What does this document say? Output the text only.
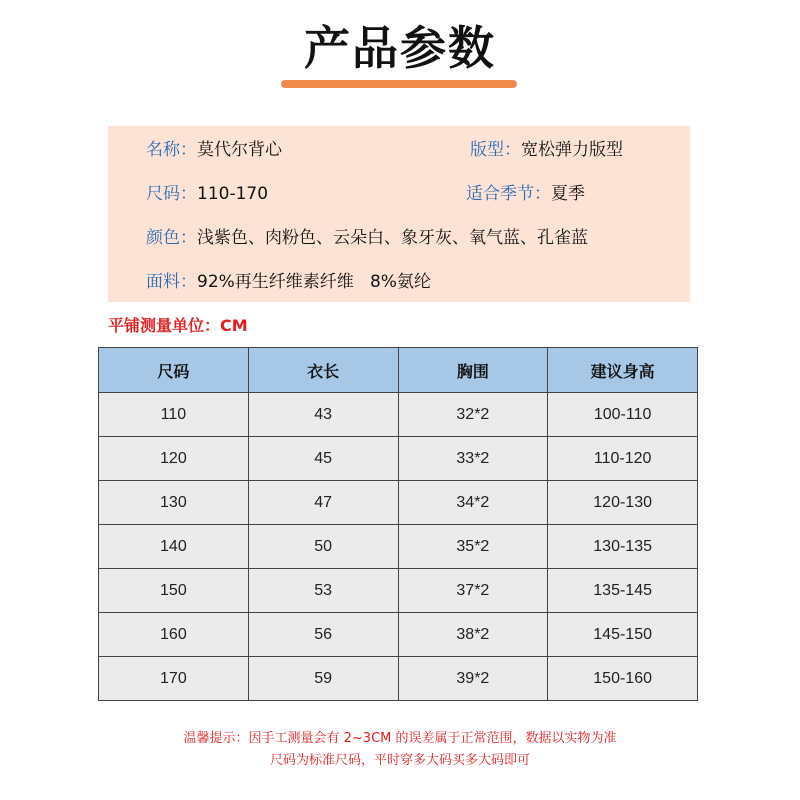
产品参数
名称：莫代尔背心	版型：宽松弹力版型
尺码：110-170	适合季节：夏季
颜色：浅紫色、肉粉色、云朵白、象牙灰、氧气蓝、孔雀蓝
面料：92%再生纤维素纤维   8%氨纶
平铺测量单位：CM
尺码	衣长	胸围	建议身高
110	43	32*2	100-110
120	45	33*2	110-120
130	47	34*2	120-130
140	50	35*2	130-135
150	53	37*2	135-145
160	56	38*2	145-150
170	59	39*2	150-160
温馨提示：因手工测量会有 2~3CM 的误差属于正常范围，数据以实物为准
尺码为标准尺码，平时穿多大码买多大码即可
